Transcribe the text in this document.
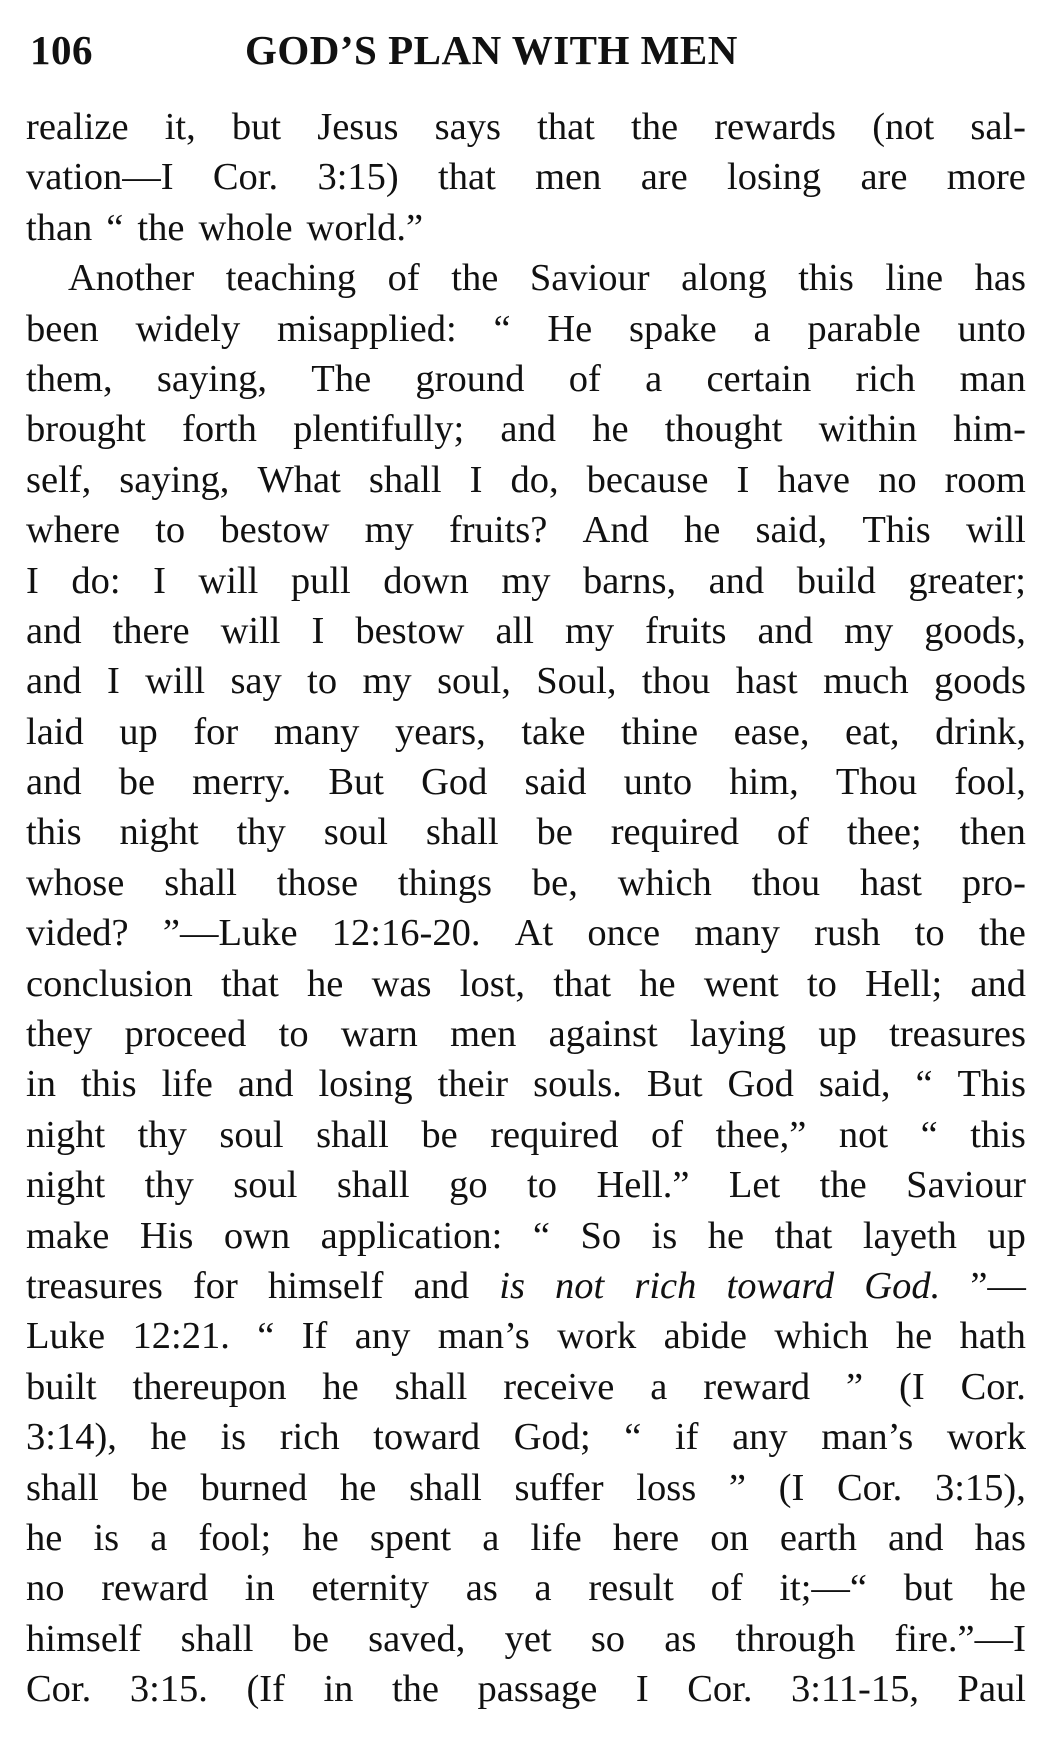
106	GOD’S PLAN WITH MEN
realize it, but Jesus says that the rewards (not sal-
vation—I Cor. 3:15) that men are losing are more
than “ the whole world.”
Another teaching of the Saviour along this line has
been widely misapplied: “ He spake a parable unto
them, saying, The ground of a certain rich man
brought forth plentifully; and he thought within him-
self, saying, What shall I do, because I have no room
where to bestow my fruits? And he said, This will
I do: I will pull down my barns, and build greater;
and there will I bestow all my fruits and my goods,
and I will say to my soul, Soul, thou hast much goods
laid up for many years, take thine ease, eat, drink,
and be merry. But God said unto him, Thou fool,
this night thy soul shall be required of thee; then
whose shall those things be, which thou hast pro-
vided? ”—Luke 12:16-20. At once many rush to the
conclusion that he was lost, that he went to Hell; and
they proceed to warn men against laying up treasures
in this life and losing their souls. But God said, “ This
night thy soul shall be required of thee,” not “ this
night thy soul shall go to Hell.” Let the Saviour
make His own application: “ So is he that layeth up
treasures for himself and is not rich toward God. ”—
Luke 12:21. “ If any man’s work abide which he hath
built thereupon he shall receive a reward ” (I Cor.
3:14), he is rich toward God; “ if any man’s work
shall be burned he shall suffer loss ” (I Cor. 3:15),
he is a fool; he spent a life here on earth and has
no reward in eternity as a result of it;—“ but he
himself shall be saved, yet so as through fire.”—I
Cor. 3:15. (If in the passage I Cor. 3:11-15, Paul
